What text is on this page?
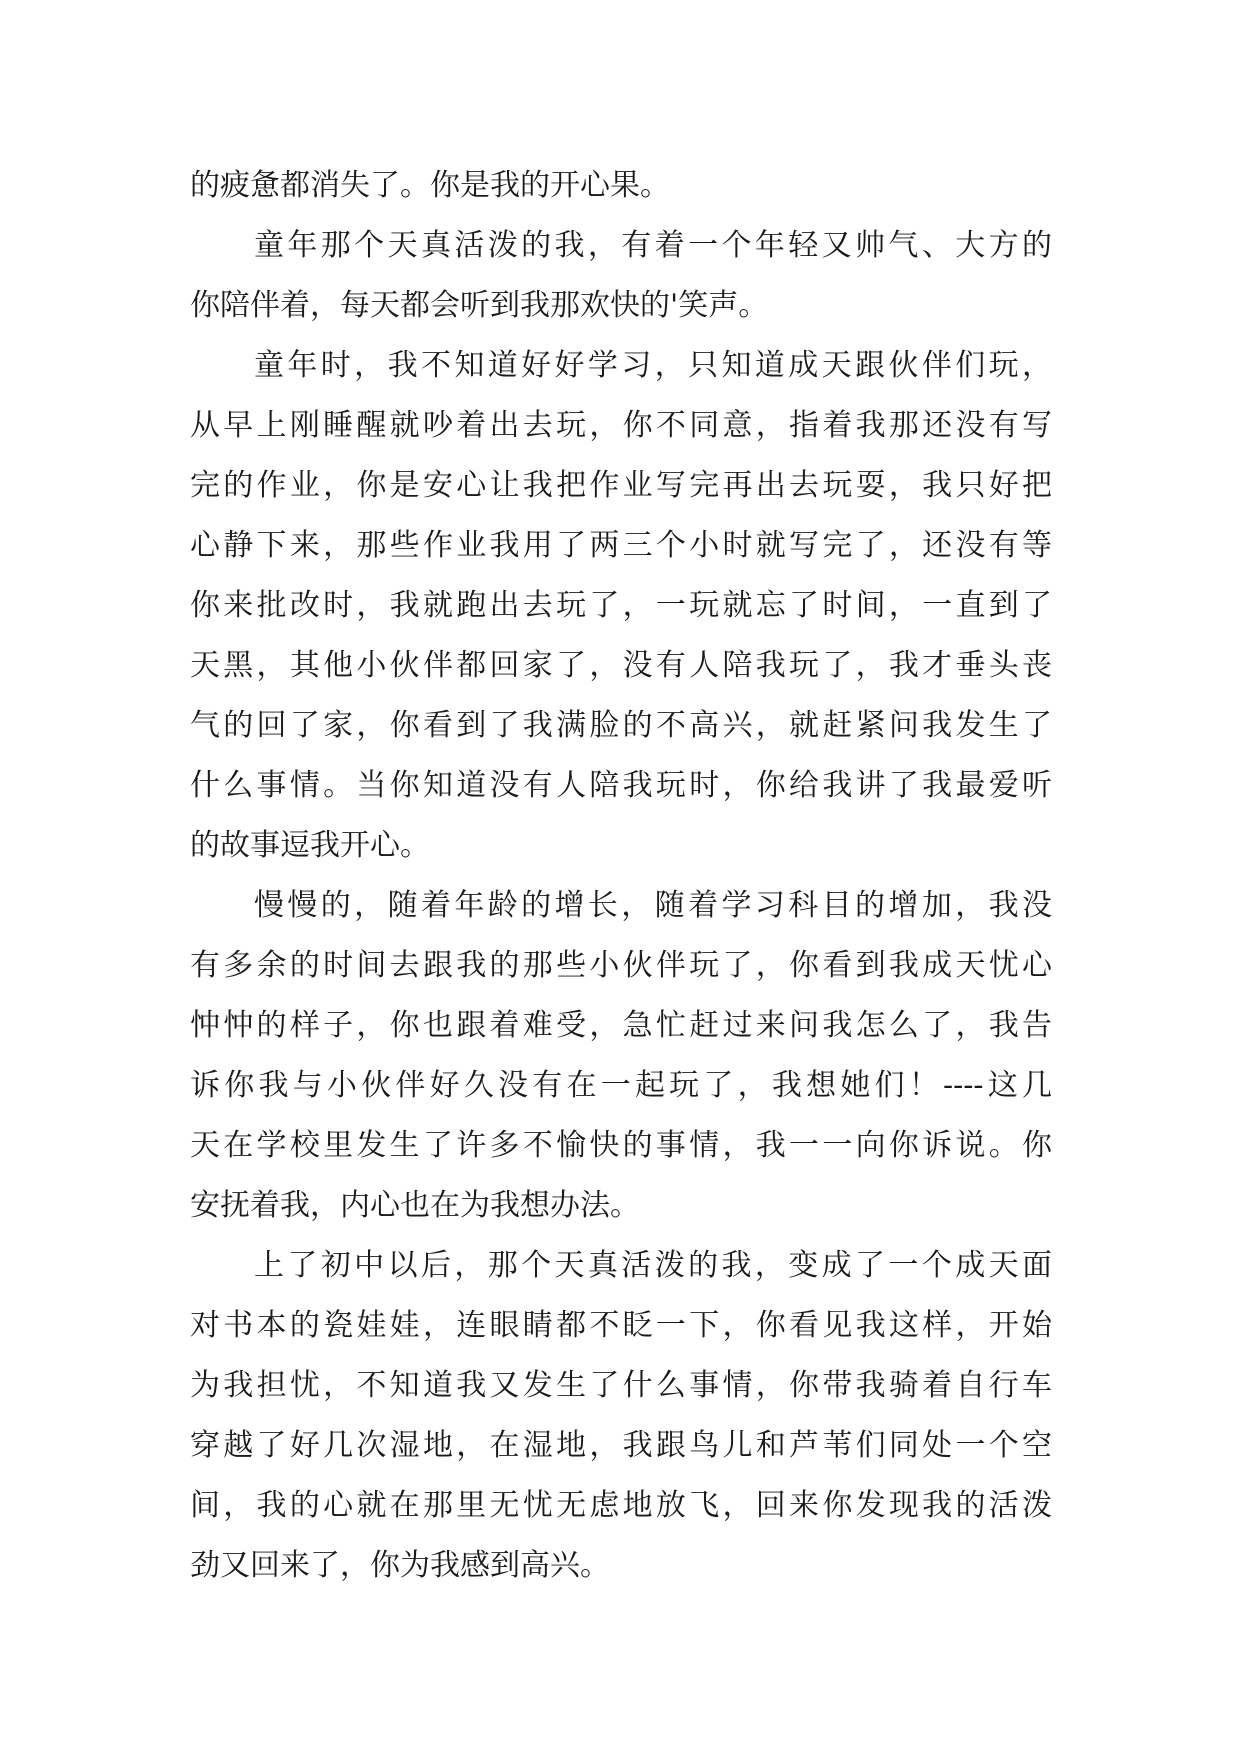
的疲惫都消失了。你是我的开心果。
童年那个天真活泼的我，有着一个年轻又帅气、大方的
你陪伴着，每天都会听到我那欢快的'笑声。
童年时，我不知道好好学习，只知道成天跟伙伴们玩，
从早上刚睡醒就吵着出去玩，你不同意，指着我那还没有写
完的作业，你是安心让我把作业写完再出去玩耍，我只好把
心静下来，那些作业我用了两三个小时就写完了，还没有等
你来批改时，我就跑出去玩了，一玩就忘了时间，一直到了
天黑，其他小伙伴都回家了，没有人陪我玩了，我才垂头丧
气的回了家，你看到了我满脸的不高兴，就赶紧问我发生了
什么事情。当你知道没有人陪我玩时，你给我讲了我最爱听
的故事逗我开心。
慢慢的，随着年龄的增长，随着学习科目的增加，我没
有多余的时间去跟我的那些小伙伴玩了，你看到我成天忧心
忡忡的样子，你也跟着难受，急忙赶过来问我怎么了，我告
诉你我与小伙伴好久没有在一起玩了，我想她们！----这几
天在学校里发生了许多不愉快的事情，我一一向你诉说。你
安抚着我，内心也在为我想办法。
上了初中以后，那个天真活泼的我，变成了一个成天面
对书本的瓷娃娃，连眼睛都不眨一下，你看见我这样，开始
为我担忧，不知道我又发生了什么事情，你带我骑着自行车
穿越了好几次湿地，在湿地，我跟鸟儿和芦苇们同处一个空
间，我的心就在那里无忧无虑地放飞，回来你发现我的活泼
劲又回来了，你为我感到高兴。
